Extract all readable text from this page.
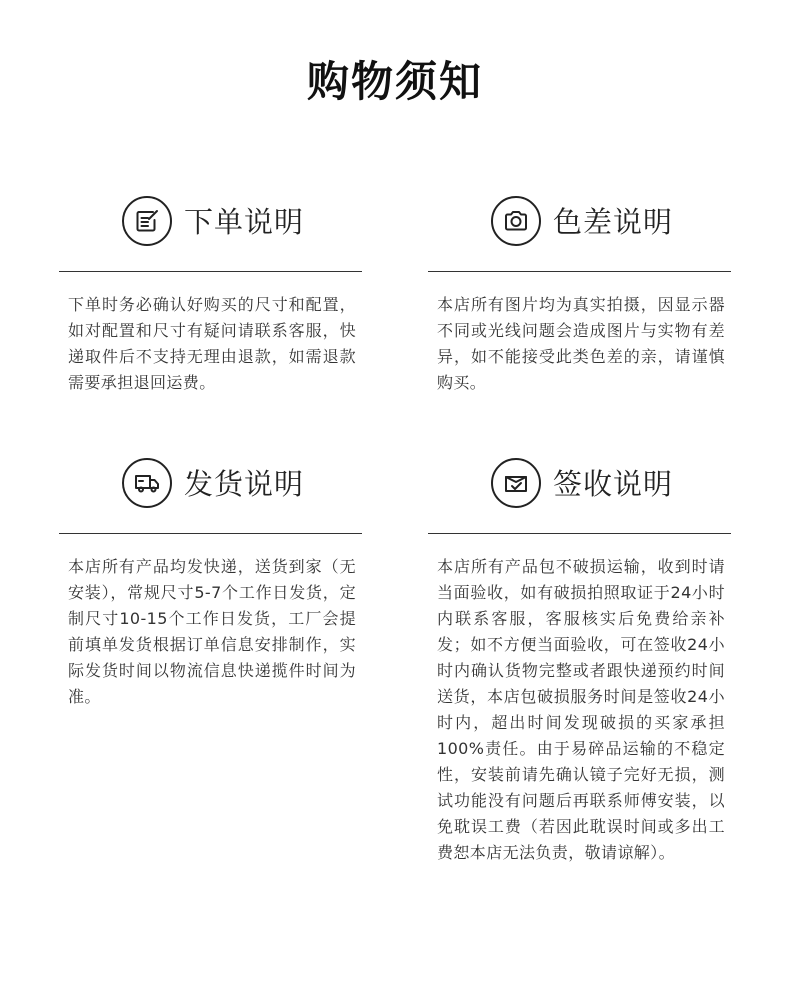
购物须知
下单说明

下单时务必确认好购买的尺寸和配置，如对配置和尺寸有疑问请联系客服，快递取件后不支持无理由退款，如需退款需要承担退回运费。

色差说明

本店所有图片均为真实拍摄，因显示器不同或光线问题会造成图片与实物有差异，如不能接受此类色差的亲，请谨慎购买。

发货说明

本店所有产品均发快递，送货到家（无安装），常规尺寸5-7个工作日发货，定制尺寸10-15个工作日发货，工厂会提前填单发货根据订单信息安排制作，实际发货时间以物流信息快递揽件时间为准。

签收说明

本店所有产品包不破损运输，收到时请当面验收，如有破损拍照取证于24小时内联系客服，客服核实后免费给亲补发；如不方便当面验收，可在签收24小时内确认货物完整或者跟快递预约时间送货，本店包破损服务时间是签收24小时内，超出时间发现破损的买家承担100%责任。由于易碎品运输的不稳定性，安装前请先确认镜子完好无损，测试功能没有问题后再联系师傅安装，以免耽误工费（若因此耽误时间或多出工费恕本店无法负责，敬请谅解）。
